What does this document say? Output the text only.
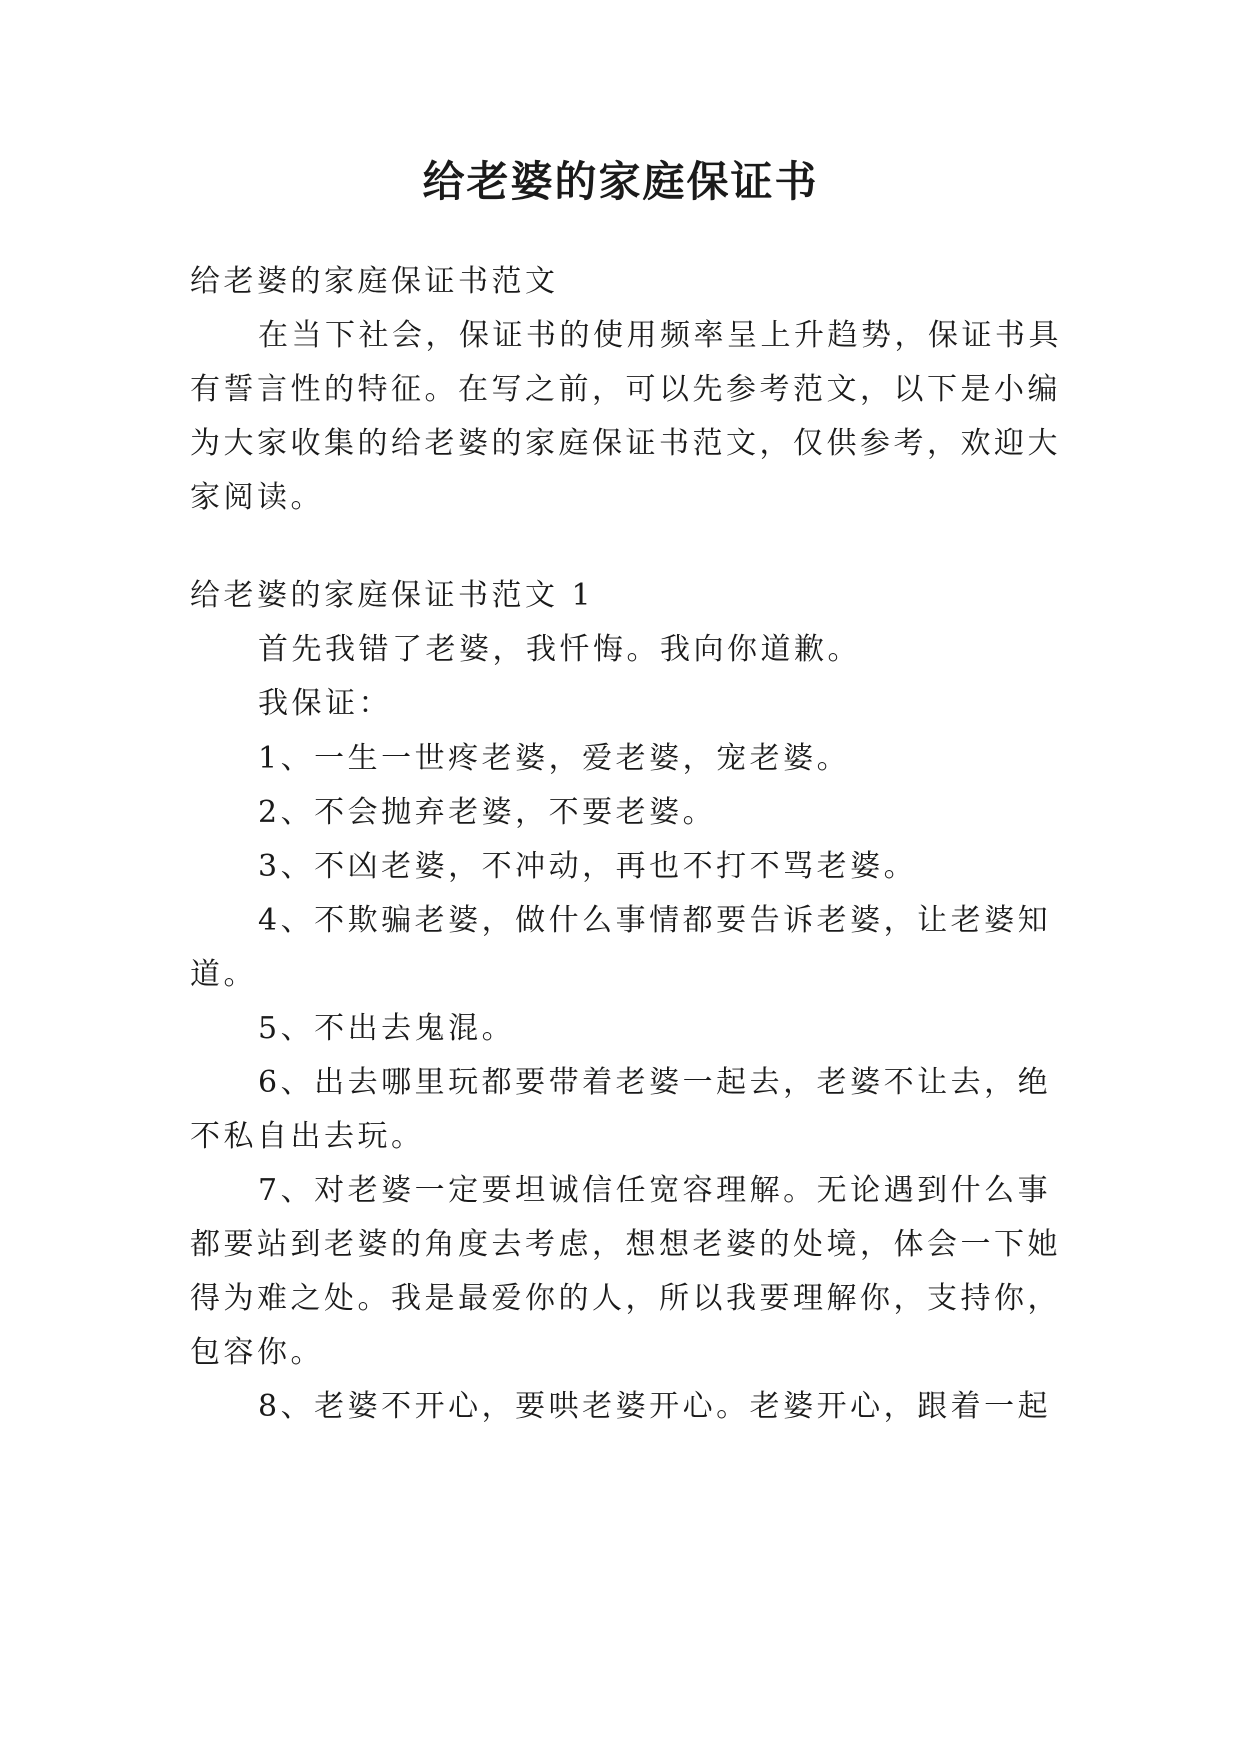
给老婆的家庭保证书
给老婆的家庭保证书范文
在当下社会，保证书的使用频率呈上升趋势，保证书具
有誓言性的特征。在写之前，可以先参考范文，以下是小编
为大家收集的给老婆的家庭保证书范文，仅供参考，欢迎大
家阅读。
给老婆的家庭保证书范文 1
首先我错了老婆，我忏悔。我向你道歉。
我保证：
1、一生一世疼老婆，爱老婆，宠老婆。
2、不会抛弃老婆，不要老婆。
3、不凶老婆，不冲动，再也不打不骂老婆。
4、不欺骗老婆，做什么事情都要告诉老婆，让老婆知
道。
5、不出去鬼混。
6、出去哪里玩都要带着老婆一起去，老婆不让去，绝
不私自出去玩。
7、对老婆一定要坦诚信任宽容理解。无论遇到什么事
都要站到老婆的角度去考虑，想想老婆的处境，体会一下她
得为难之处。我是最爱你的人，所以我要理解你，支持你，
包容你。
8、老婆不开心，要哄老婆开心。老婆开心，跟着一起
